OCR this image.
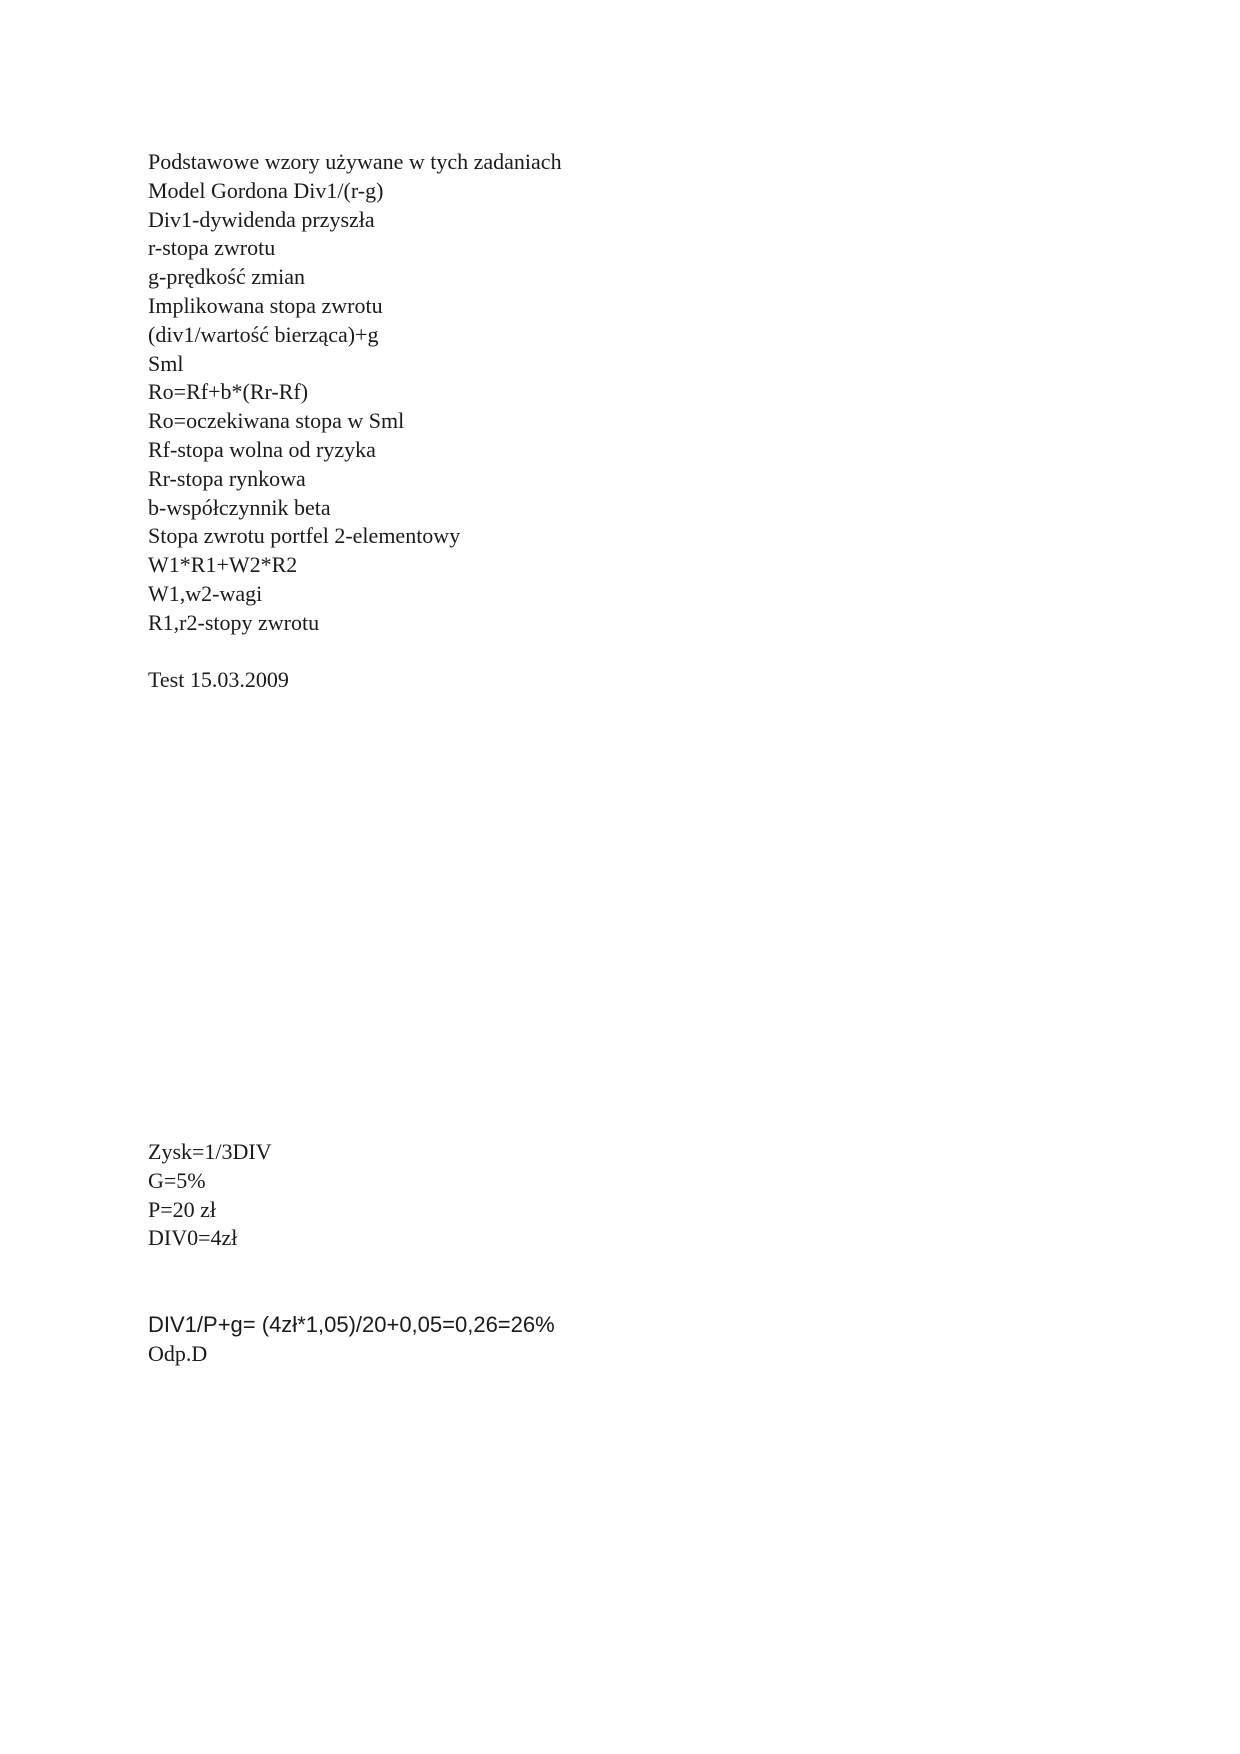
Podstawowe wzory używane w tych zadaniach
Model Gordona Div1/(r-g)
Div1-dywidenda przyszła
r-stopa zwrotu
g-prędkość zmian
Implikowana stopa zwrotu
(div1/wartość bierząca)+g
Sml
Ro=Rf+b*(Rr-Rf)
Ro=oczekiwana stopa w Sml
Rf-stopa wolna od ryzyka
Rr-stopa rynkowa
b-współczynnik beta
Stopa zwrotu portfel 2-elementowy
W1*R1+W2*R2
W1,w2-wagi
R1,r2-stopy zwrotu
Test 15.03.2009

Zysk=1/3DIV
G=5%
P=20 zł
DIV0=4zł
DIV1/P+g= (4zł*1,05)/20+0,05=0,26=26%
Odp.D
